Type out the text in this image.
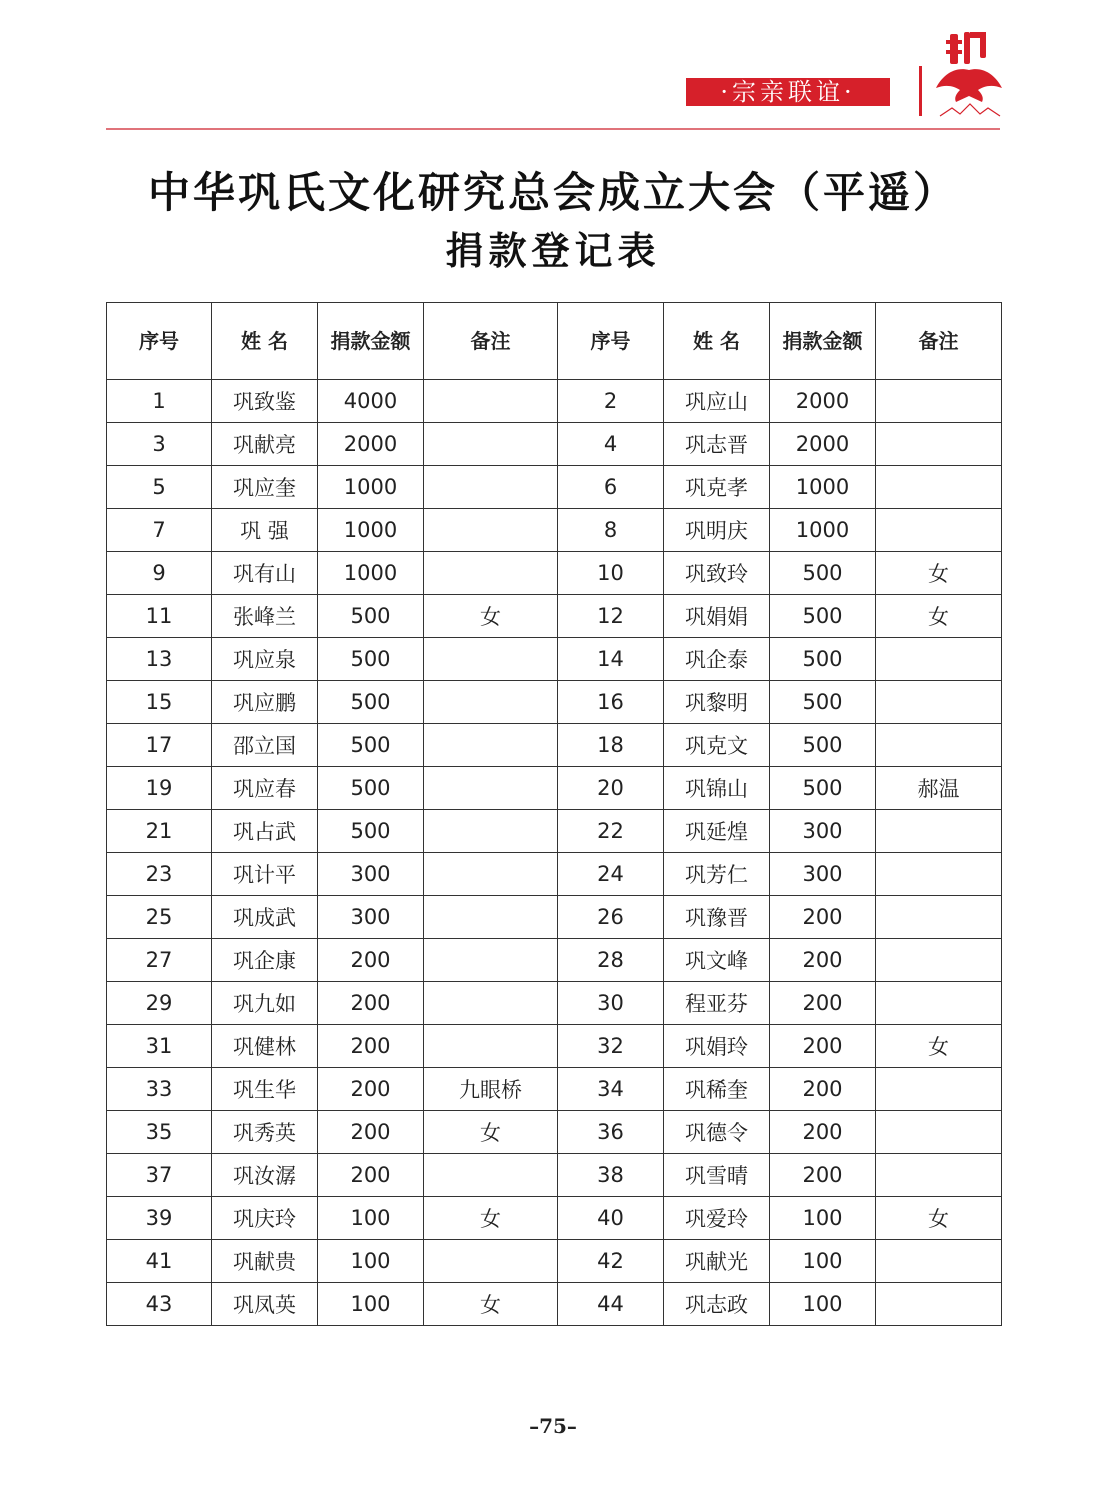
·宗亲联谊·
中华巩氏文化研究总会成立大会（平遥）
捐款登记表
序号	姓 名	捐款金额	备注	序号	姓 名	捐款金额	备注
1	巩致鉴	4000		2	巩应山	2000	
3	巩献亮	2000		4	巩志晋	2000	
5	巩应奎	1000		6	巩克孝	1000	
7	巩 强	1000		8	巩明庆	1000	
9	巩有山	1000		10	巩致玲	500	女
11	张峰兰	500	女	12	巩娟娟	500	女
13	巩应泉	500		14	巩企泰	500	
15	巩应鹏	500		16	巩黎明	500	
17	邵立国	500		18	巩克文	500	
19	巩应春	500		20	巩锦山	500	郝温
21	巩占武	500		22	巩延煌	300	
23	巩计平	300		24	巩芳仁	300	
25	巩成武	300		26	巩豫晋	200	
27	巩企康	200		28	巩文峰	200	
29	巩九如	200		30	程亚芬	200	
31	巩健林	200		32	巩娟玲	200	女
33	巩生华	200	九眼桥	34	巩稀奎	200	
35	巩秀英	200	女	36	巩德令	200	
37	巩汝潺	200		38	巩雪晴	200	
39	巩庆玲	100	女	40	巩爱玲	100	女
41	巩献贵	100		42	巩献光	100	
43	巩凤英	100	女	44	巩志政	100	
–75–
